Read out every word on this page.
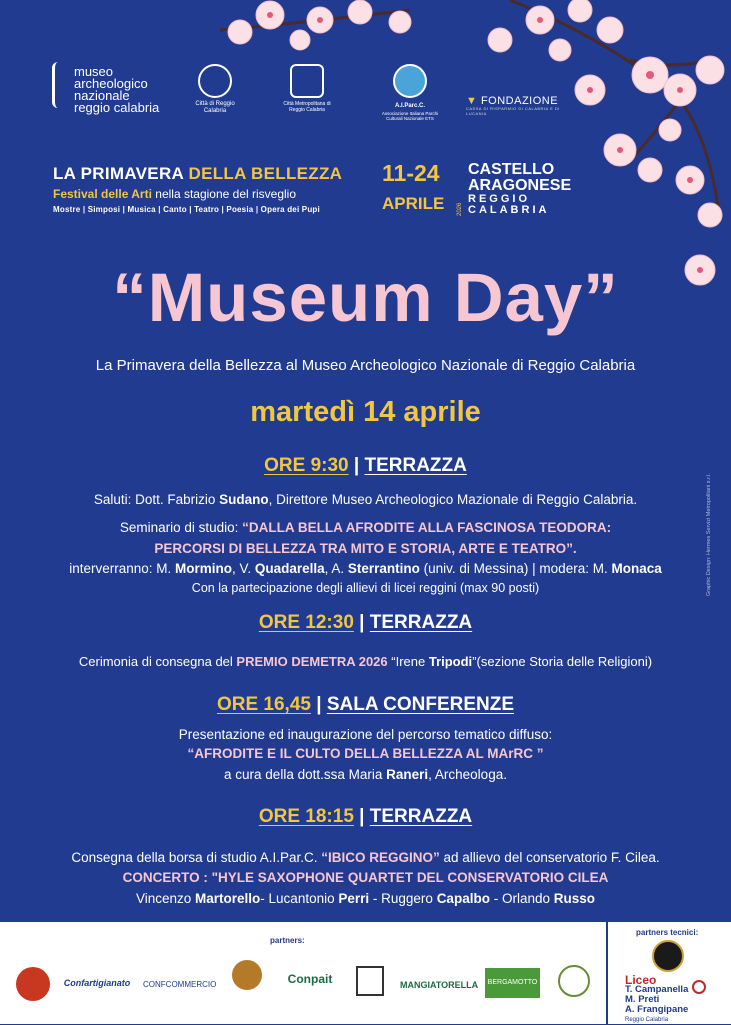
museo archeologico nazionale reggio calabria	Città di Reggio Calabria
Città Metropolitana di Reggio Calabria
A.I.Parc.C.
Associazione Italiana Parchi Culturali Nazionale ETS
▼ FONDAZIONE
CASSA DI RISPARMIO DI CALABRIA E DI LUCANIA
LA PRIMAVERA DELLA BELLEZZA
Festival delle Arti nella stagione del risveglio
Mostre | Simposi | Musica | Canto | Teatro | Poesia | Opera dei Pupi
11-24
APRILE 2026
CASTELLO
ARAGONESE
REGGIO
CALABRIA
“Museum Day”
La Primavera della Bellezza al Museo Archeologico Nazionale di Reggio Calabria
martedì 14 aprile
ORE 9:30 | TERRAZZA
Saluti: Dott. Fabrizio Sudano, Direttore Museo Archeologico Mazionale di Reggio Calabria.
Seminario di studio: “DALLA BELLA AFRODITE ALLA FASCINOSA TEODORA:
PERCORSI DI BELLEZZA TRA MITO E STORIA, ARTE E TEATRO”.
interverranno: M. Mormino, V. Quadarella, A. Sterrantino (univ. di Messina) | modera: M. Monaca
Con la partecipazione degli allievi di licei reggini (max 90 posti)
ORE 12:30 | TERRAZZA
Cerimonia di consegna del PREMIO DEMETRA 2026 “Irene Tripodi”(sezione Storia delle Religioni)
ORE 16,45 | SALA CONFERENZE
Presentazione ed inaugurazione del percorso tematico diffuso:
“AFRODITE E IL CULTO DELLA BELLEZZA AL MArRC ”
a cura della dott.ssa Maria Raneri, Archeologa.
ORE 18:15 | TERRAZZA
Consegna della borsa di studio A.I.Par.C. “IBICO REGGINO” ad allievo del conservatorio F. Cilea.
CONCERTO : "HYLE SAXOPHONE QUARTET DEL CONSERVATORIO CILEA
Vincenzo Martorello- Lucantonio Perri - Ruggero Capalbo - Orlando Russo
Graphic Design: Hermes Servizi Metropolitani s.r.l.
partners:
partners tecnici:
Confartigianato CONFCOMMERCIO	Conpait	MANGIATORELLA	BERGAMOTTO	Liceo
T. Campanella
M. Preti
A. Frangipane
Reggio Calabria
